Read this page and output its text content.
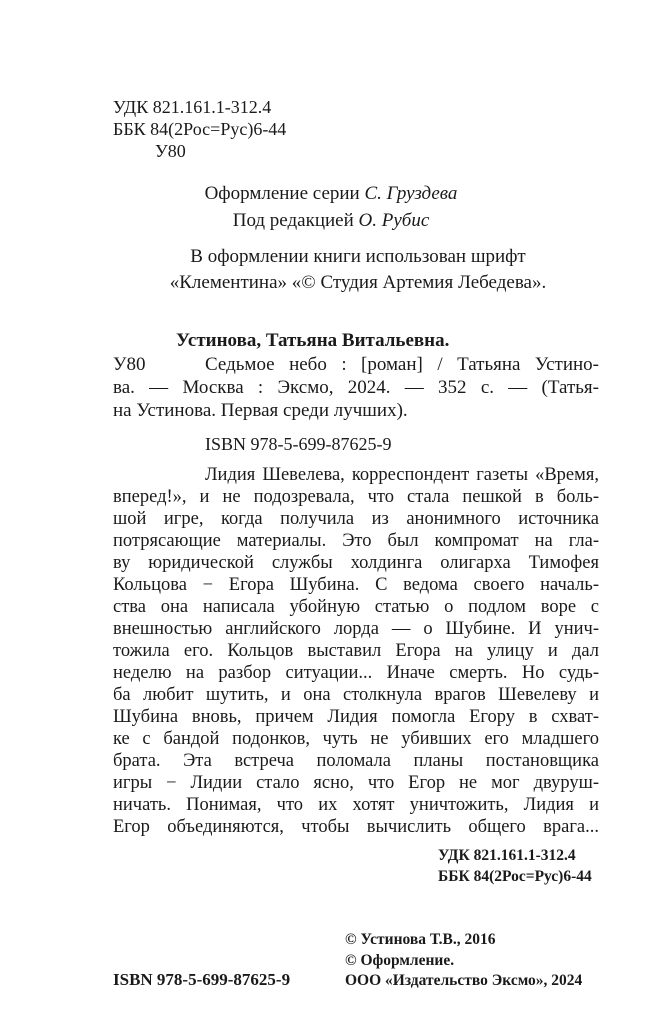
УДК 821.161.1-312.4
ББК 84(2Рос=Рус)6-44
У80
Оформление серии С. Груздева
Под редакцией О. Рубис
В оформлении книги использован шрифт
«Клементина» «© Студия Артемия Лебедева».
Устинова, Татьяна Витальевна.
У80	Седьмое небо : [роман] / Татьяна Устино-
ва. — Москва : Эксмо, 2024. — 352 с. — (Татья-
на Устинова. Первая среди лучших).
ISBN 978-5-699-87625-9
Лидия Шевелева, корреспондент газеты «Время,
вперед!», и не подозревала, что стала пешкой в боль-
шой игре, когда получила из анонимного источника
потрясающие материалы. Это был компромат на гла-
ву юридической службы холдинга олигарха Тимофея
Кольцова − Егора Шубина. С ведома своего началь-
ства она написала убойную статью о подлом воре с
внешностью английского лорда — о Шубине. И унич-
тожила его. Кольцов выставил Егора на улицу и дал
неделю на разбор ситуации... Иначе смерть. Но судь-
ба любит шутить, и она столкнула врагов Шевелеву и
Шубина вновь, причем Лидия помогла Егору в схват-
ке с бандой подонков, чуть не убивших его младшего
брата. Эта встреча поломала планы постановщика
игры − Лидии стало ясно, что Егор не мог двуруш-
ничать. Понимая, что их хотят уничтожить, Лидия и
Егор объединяются, чтобы вычислить общего врага...
УДК 821.161.1-312.4
ББК 84(2Рос=Рус)6-44
© Устинова Т.В., 2016
© Оформление.
ISBN 978-5-699-87625-9	ООО «Издательство Эксмо», 2024
